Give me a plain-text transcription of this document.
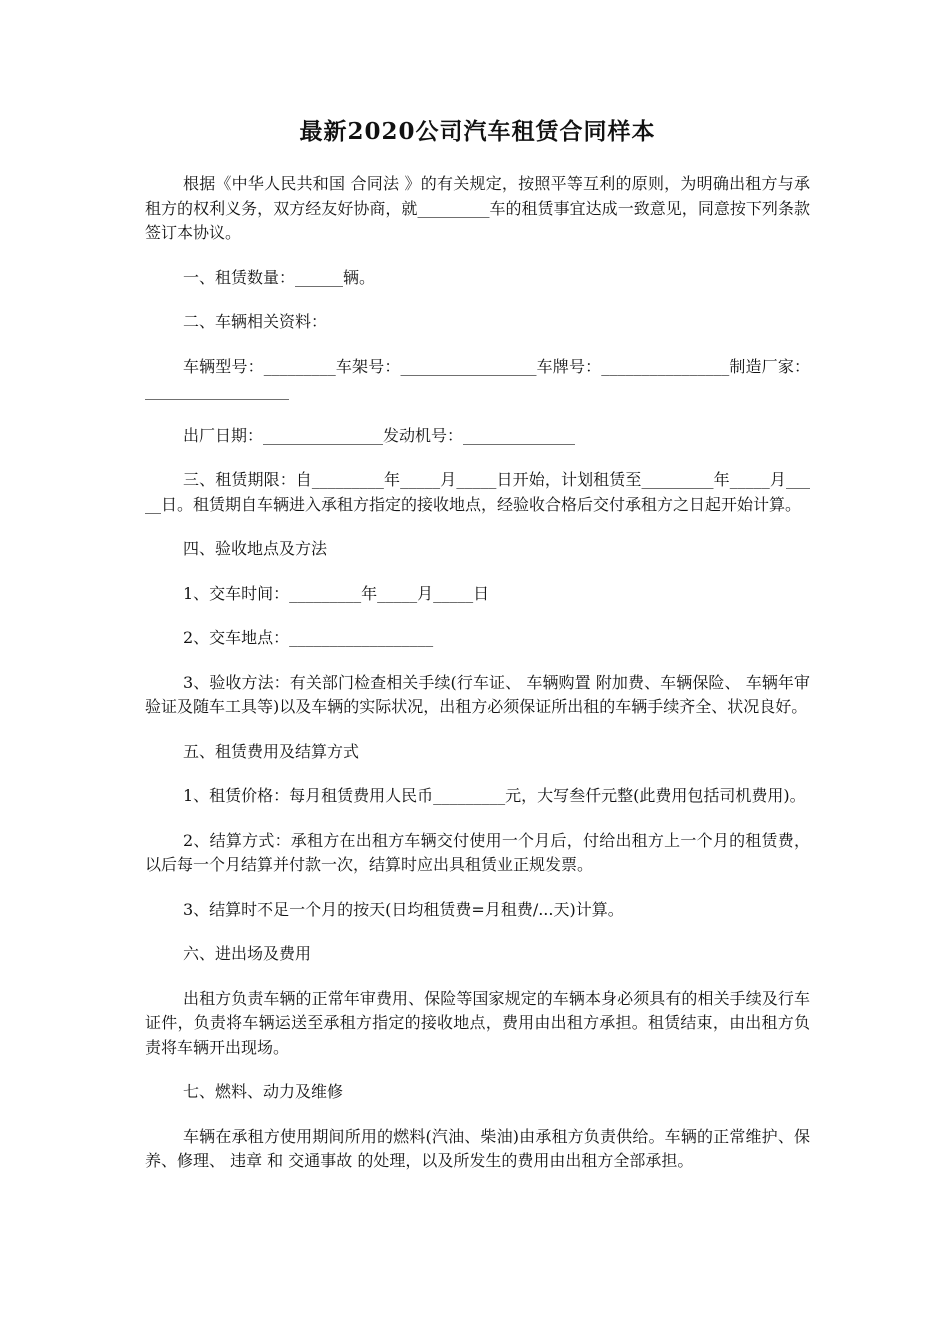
最新2020公司汽车租赁合同样本

根据《中华人民共和国 合同法 》的有关规定，按照平等互利的原则，为明确出租方与承租方的权利义务，双方经友好协商，就_________车的租赁事宜达成一致意见，同意按下列条款签订本协议。

一、租赁数量：______辆。

二、车辆相关资料：

车辆型号：_________车架号：_________________车牌号：________________制造厂家：__________________

出厂日期：_______________发动机号：______________

三、租赁期限：自_________年_____月_____日开始，计划租赁至_________年_____月_____日。租赁期自车辆进入承租方指定的接收地点，经验收合格后交付承租方之日起开始计算。

四、验收地点及方法

1、交车时间：_________年_____月_____日

2、交车地点：__________________

3、验收方法：有关部门检查相关手续(行车证、 车辆购置 附加费、车辆保险、 车辆年审 验证及随车工具等)以及车辆的实际状况，出租方必须保证所出租的车辆手续齐全、状况良好。

五、租赁费用及结算方式

1、租赁价格：每月租赁费用人民币_________元，大写叁仟元整(此费用包括司机费用)。

2、结算方式：承租方在出租方车辆交付使用一个月后，付给出租方上一个月的租赁费，以后每一个月结算并付款一次，结算时应出具租赁业正规发票。

3、结算时不足一个月的按天(日均租赁费=月租费/...天)计算。

六、进出场及费用

出租方负责车辆的正常年审费用、保险等国家规定的车辆本身必须具有的相关手续及行车证件，负责将车辆运送至承租方指定的接收地点，费用由出租方承担。租赁结束，由出租方负责将车辆开出现场。

七、燃料、动力及维修

车辆在承租方使用期间所用的燃料(汽油、柴油)由承租方负责供给。车辆的正常维护、保养、修理、 违章 和 交通事故 的处理，以及所发生的费用由出租方全部承担。
